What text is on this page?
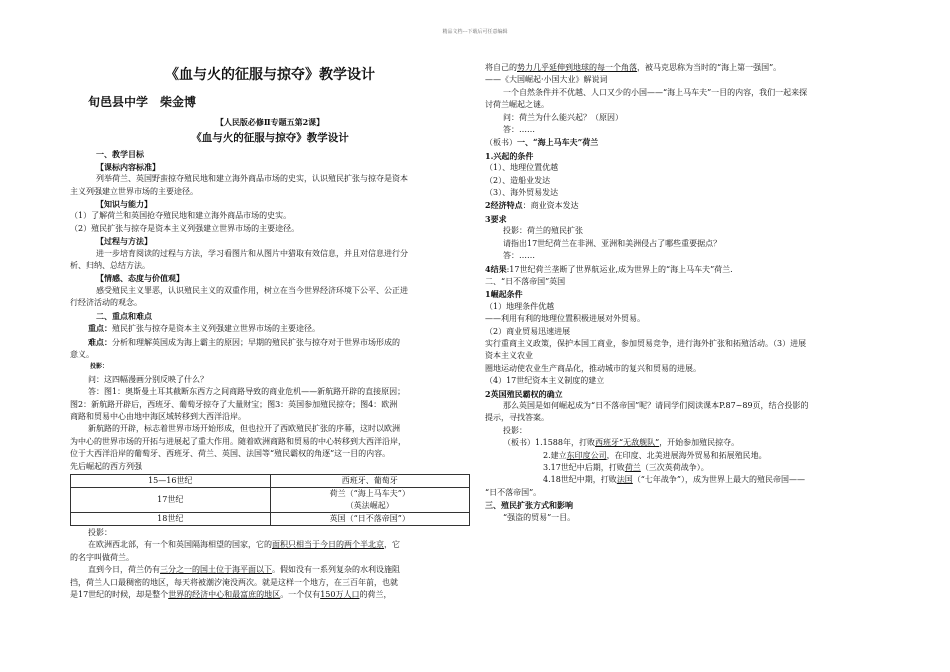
精品文档---下载后可任意编辑
《血与火的征服与掠夺》教学设计
旬邑县中学　柴金博
【人民版必修Ⅱ专题五第2课】
《血与火的征服与掠夺》教学设计

一、教学目标

【课标内容标准】

列举荷兰、英国野蛮掠夺殖民地和建立海外商品市场的史实，认识殖民扩张与掠夺是资本

主义列强建立世界市场的主要途径。

【知识与能力】

（1）了解荷兰和英国抢夺殖民地和建立海外商品市场的史实。

（2）殖民扩张与掠夺是资本主义列强建立世界市场的主要途径。

【过程与方法】

进一步培育阅读的过程与方法，学习看图片和从图片中猎取有效信息，并且对信息进行分

析、归纳、总结方法。

【情感、态度与价值观】

感受殖民主义罪恶，认识殖民主义的双重作用，树立在当今世界经济环境下公平、公正进

行经济活动的观念。

二、重点和难点

重点：殖民扩张与掠夺是资本主义列强建立世界市场的主要途径。

难点：分析和理解英国成为海上霸主的原因；早期的殖民扩张与掠夺对于世界市场形成的

意义。

投影：

问：这四幅漫画分别反映了什么？

答：图1：奥斯曼土耳其截断东西方之间商路导致的商业危机——新航路开辟的直接原因；

图2：新航路开辟后，西班牙、葡萄牙掠夺了大量财宝；图3：英国参加殖民掠夺；图4：欧洲

商路和贸易中心由地中海区域转移到大西洋沿岸。

新航路的开辟，标志着世界市场开始形成，但也拉开了西欧殖民扩张的序幕，这时以欧洲

为中心的世界市场的开拓与进展起了重大作用。随着欧洲商路和贸易的中心转移到大西洋沿岸，

位于大西洋沿岸的葡萄牙、西班牙、荷兰、英国、法国等“殖民霸权的角逐”这一目的内容。

先后崛起的西方列强

15—16世纪	西班牙、葡萄牙
17世纪	荷兰（“海上马车夫”）
（英法崛起）

18世纪	英国（“日不落帝国”）

投影：

在欧洲西北部，有一个和英国隔海相望的国家，它的面积只相当于今日的两个半北京，它

的名字叫做荷兰。

直到今日，荷兰仍有三分之一的国土位于海平面以下。假如没有一系列复杂的水利设施阻

挡，荷兰人口最稠密的地区，每天将被潮汐淹没两次。就是这样一个地方，在三百年前，也就

是17世纪的时候，却是整个世界的经济中心和最富庶的地区。一个仅有150万人口的荷兰，

将自己的势力几乎延伸到地球的每一个角落，被马克思称为当时的“海上第一强国”。

——《大国崛起·小国大业》解说词

一个自然条件并不优越、人口又少的小国——“海上马车夫”一目的内容，我们一起来探

讨荷兰崛起之谜。

问：荷兰为什么能兴起？（原因）

答：……

（板书）一、“海上马车夫”荷兰

1.兴起的条件

（1）、地理位置优越

（2）、造船业发达

（3）、海外贸易发达

2经济特点：商业资本发达

3要求

投影：荷兰的殖民扩张

请指出17世纪荷兰在非洲、亚洲和美洲侵占了哪些重要据点？

答：……

4结果:17世纪荷兰垄断了世界航运业,成为世界上的“海上马车夫”荷兰.

二、“日不落帝国”英国

1崛起条件

（1）地理条件优越

——利用有利的地理位置积极进展对外贸易。

（2）商业贸易迅速进展

实行重商主义政策，保护本国工商业，参加贸易竞争，进行海外扩张和拓殖活动。（3）进展

资本主义农业

圈地运动使农业生产商品化，推动城市的复兴和贸易的进展。

（4）17世纪资本主义制度的建立

2英国殖民霸权的确立

那么英国是如何崛起成为“日不落帝国”呢？请同学们阅读课本P.87~89页，结合投影的

提示，寻找答案。

投影：

（板书）1.1588年，打败西班牙“无敌舰队”，开始参加殖民掠夺。

2.建立东印度公司，在印度、北美进展海外贸易和拓展殖民地。

3.17世纪中后期，打败荷兰（三次英荷战争）。

4.18世纪中期，打败法国（“七年战争”），成为世界上最大的殖民帝国——

“日不落帝国”。

三、殖民扩张方式和影响

“强盗的贸易”一目。
